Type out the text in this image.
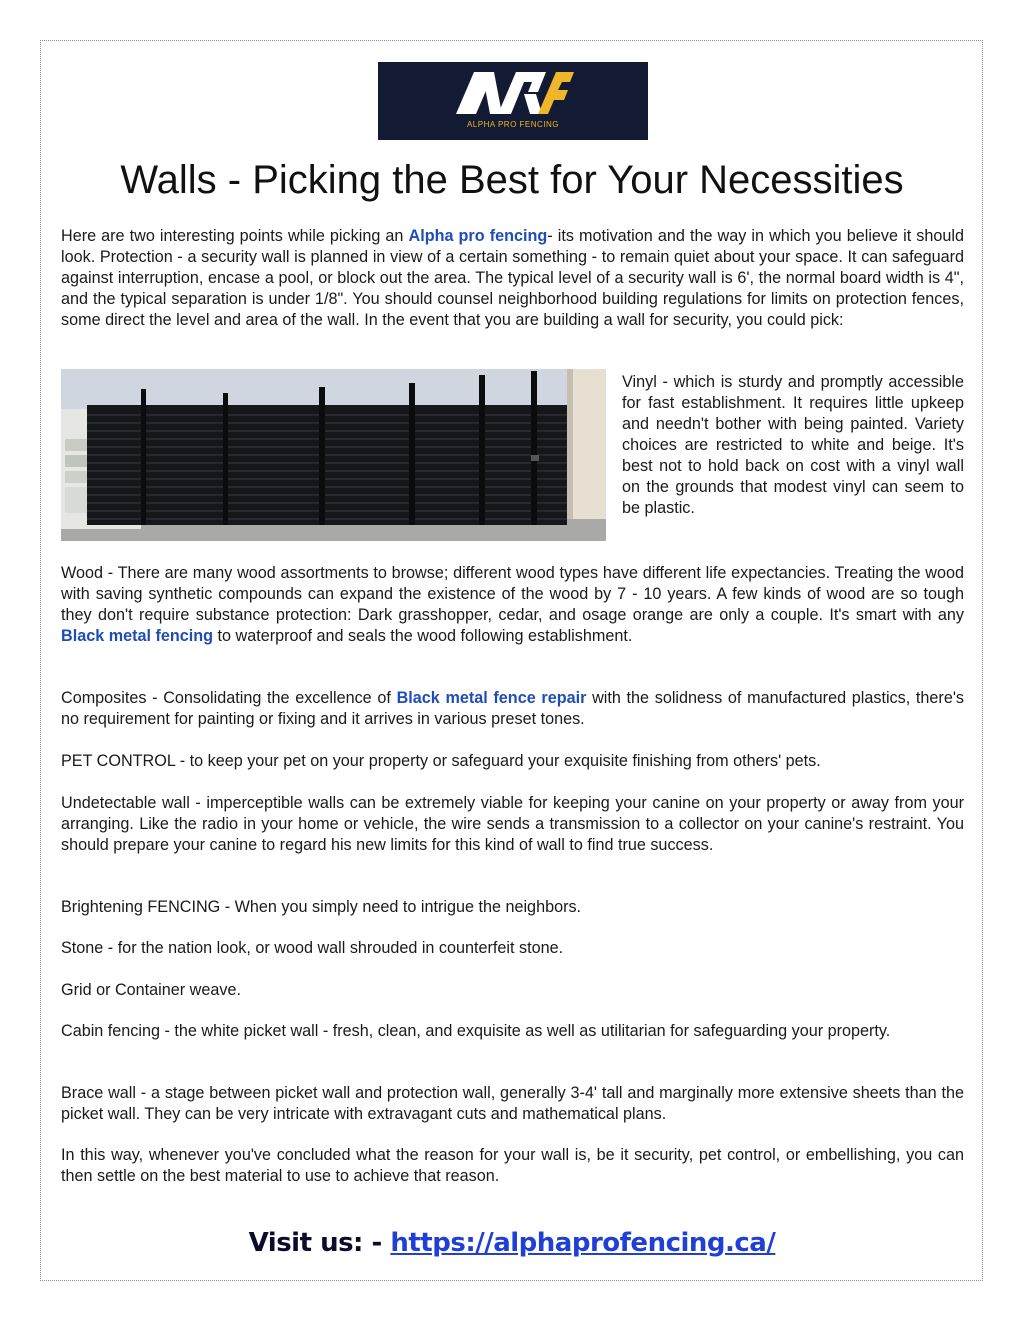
ALPHA PRO FENCING
Walls - Picking the Best for Your Necessities

Here are two interesting points while picking an Alpha pro fencing- its motivation and the way in which you believe it should look. Protection - a security wall is planned in view of a certain something - to remain quiet about your space. It can safeguard against interruption, encase a pool, or block out the area. The typical level of a security wall is 6', the normal board width is 4", and the typical separation is under 1/8". You should counsel neighborhood building regulations for limits on protection fences, some direct the level and area of the wall. In the event that you are building a wall for security, you could pick:

Vinyl - which is sturdy and promptly accessible for fast establishment. It requires little upkeep and needn't bother with being painted. Variety choices are restricted to white and beige. It's best not to hold back on cost with a vinyl wall on the grounds that modest vinyl can seem to be plastic.

Wood - There are many wood assortments to browse; different wood types have different life expectancies. Treating the wood with saving synthetic compounds can expand the existence of the wood by 7 - 10 years. A few kinds of wood are so tough they don't require substance protection: Dark grasshopper, cedar, and osage orange are only a couple. It's smart with any Black metal fencing to waterproof and seals the wood following establishment.

Composites - Consolidating the excellence of Black metal fence repair with the solidness of manufactured plastics, there's no requirement for painting or fixing and it arrives in various preset tones.

PET CONTROL - to keep your pet on your property or safeguard your exquisite finishing from others' pets.

Undetectable wall - imperceptible walls can be extremely viable for keeping your canine on your property or away from your arranging. Like the radio in your home or vehicle, the wire sends a transmission to a collector on your canine's restraint. You should prepare your canine to regard his new limits for this kind of wall to find true success.

Brightening FENCING - When you simply need to intrigue the neighbors.

Stone - for the nation look, or wood wall shrouded in counterfeit stone.

Grid or Container weave.

Cabin fencing - the white picket wall - fresh, clean, and exquisite as well as utilitarian for safeguarding your property.

Brace wall - a stage between picket wall and protection wall, generally 3-4' tall and marginally more extensive sheets than the picket wall. They can be very intricate with extravagant cuts and mathematical plans.

In this way, whenever you've concluded what the reason for your wall is, be it security, pet control, or embellishing, you can then settle on the best material to use to achieve that reason.

Visit us: - https://alphaprofencing.ca/
